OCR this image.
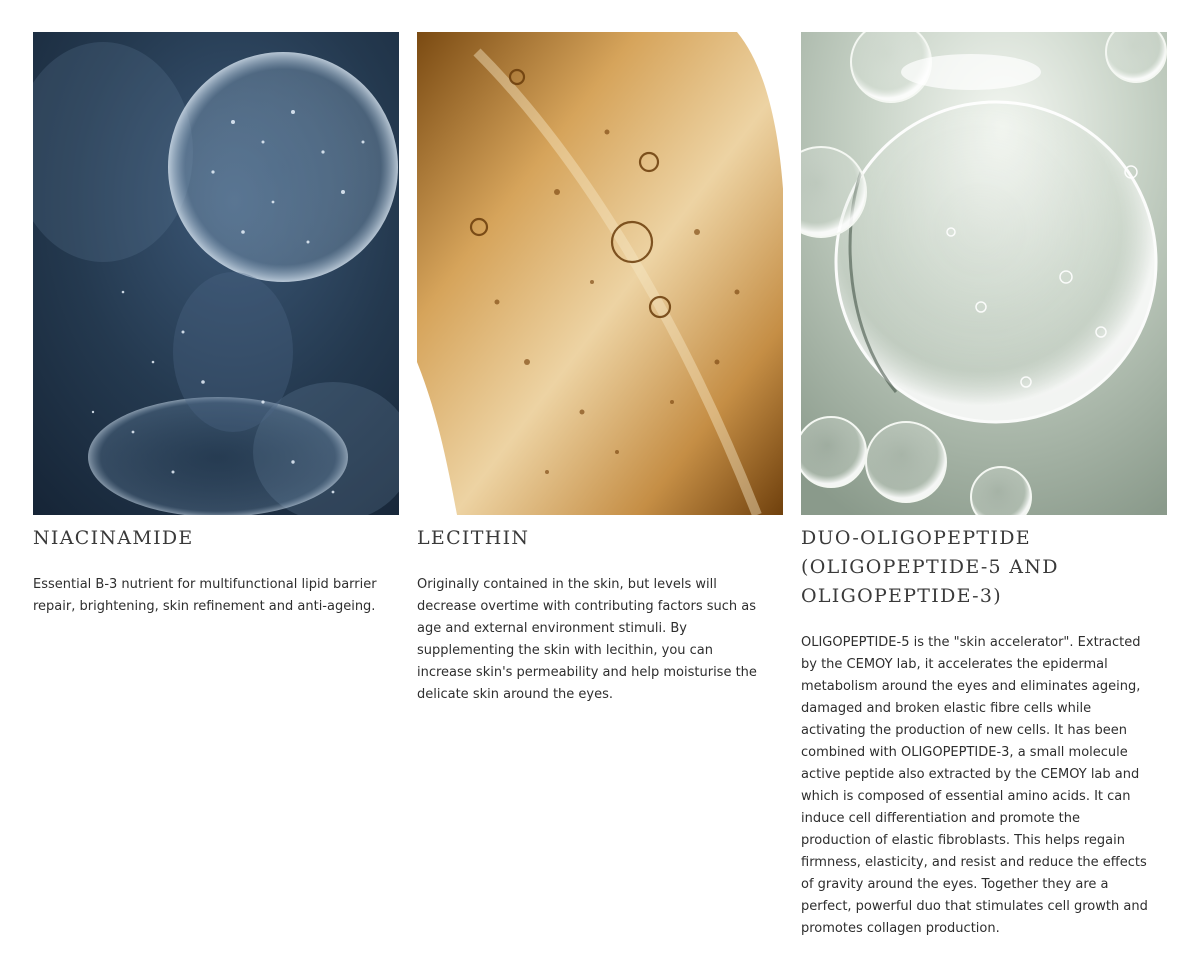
NIACINAMIDE

Essential B-3 nutrient for multifunctional lipid barrier
repair, brightening, skin refinement and anti-ageing.

LECITHIN

Originally contained in the skin, but levels will
decrease overtime with contributing factors such as
age and external environment stimuli. By
supplementing the skin with lecithin, you can
increase skin's permeability and help moisturise the
delicate skin around the eyes.

DUO-OLIGOPEPTIDE
(OLIGOPEPTIDE-5 AND
OLIGOPEPTIDE-3)

OLIGOPEPTIDE-5 is the "skin accelerator". Extracted
by the CEMOY lab, it accelerates the epidermal
metabolism around the eyes and eliminates ageing,
damaged and broken elastic fibre cells while
activating the production of new cells. It has been
combined with OLIGOPEPTIDE-3, a small molecule
active peptide also extracted by the CEMOY lab and
which is composed of essential amino acids. It can
induce cell differentiation and promote the
production of elastic fibroblasts. This helps regain
firmness, elasticity, and resist and reduce the effects
of gravity around the eyes. Together they are a
perfect, powerful duo that stimulates cell growth and
promotes collagen production.
